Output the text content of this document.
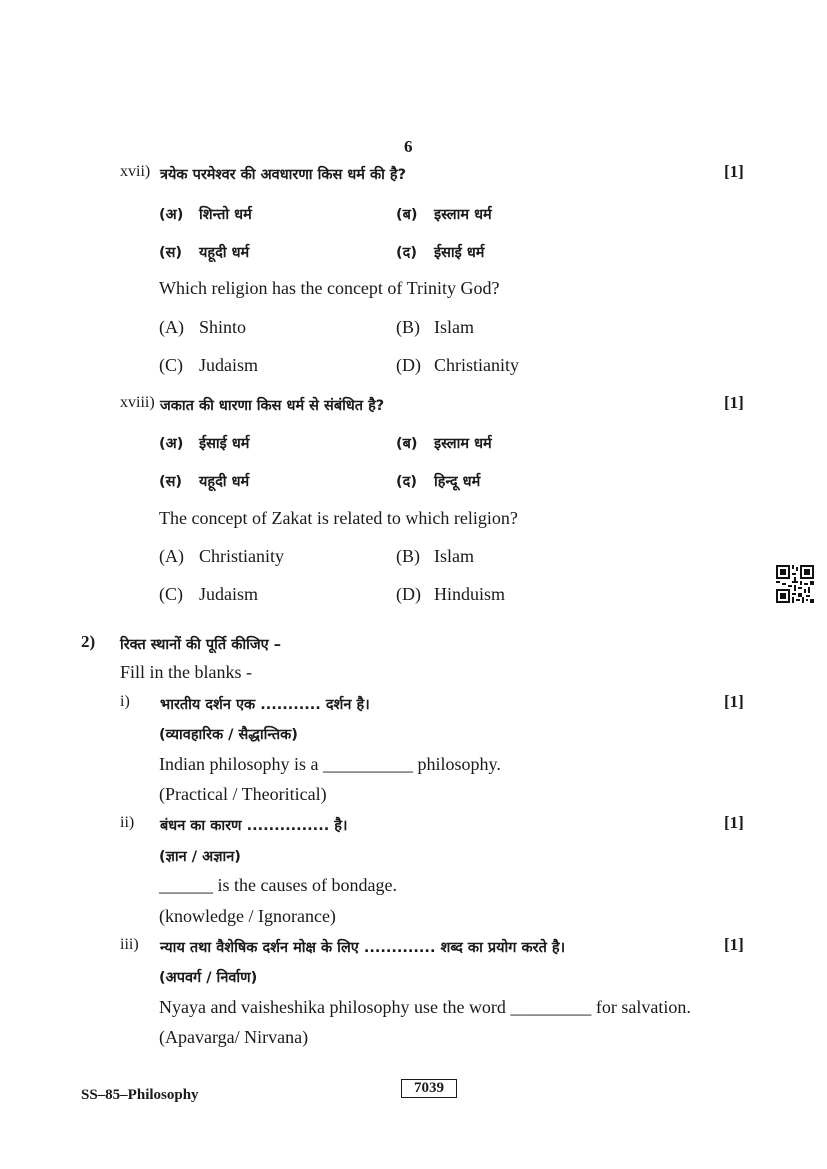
6
xvii) त्रयेक परमेश्वर की अवधारणा किस धर्म की है?	[1]
(अ) शिन्तो धर्म	(ब) इस्लाम धर्म
(स) यहूदी धर्म	(द) ईसाई धर्म
Which religion has the concept of Trinity God?
(A) Shinto	(B) Islam
(C) Judaism	(D) Christianity
xviii) जकात की धारणा किस धर्म से संबंधित है?	[1]
(अ) ईसाई धर्म	(ब) इस्लाम धर्म
(स) यहूदी धर्म	(द) हिन्दू धर्म
The concept of Zakat is related to which religion?
(A) Christianity	(B) Islam
(C) Judaism	(D) Hinduism
2) रिक्त स्थानों की पूर्ति कीजिए –
Fill in the blanks -
i) भारतीय दर्शन एक ........... दर्शन है।	[1]
(व्यावहारिक / सैद्धान्तिक)
Indian philosophy is a __________ philosophy.
(Practical / Theoritical)
ii) बंधन का कारण ............... है।	[1]
(ज्ञान / अज्ञान)
______ is the causes of bondage.
(knowledge / Ignorance)
iii) न्याय तथा वैशेषिक दर्शन मोक्ष के लिए ............. शब्द का प्रयोग करते है।	[1]
(अपवर्ग / निर्वाण)
Nyaya and vaisheshika philosophy use the word _________ for salvation.
(Apavarga/ Nirvana)
SS–85–Philosophy	7039
